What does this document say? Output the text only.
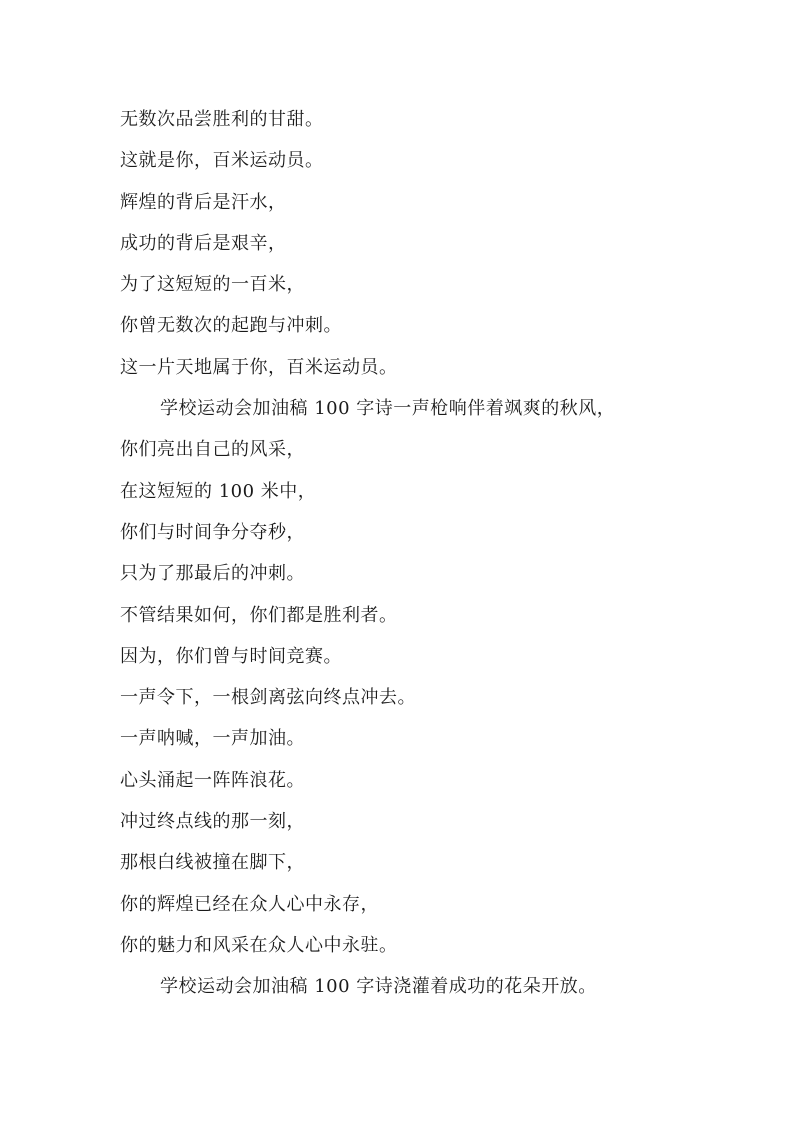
无数次品尝胜利的甘甜。
这就是你，百米运动员。
辉煌的背后是汗水，
成功的背后是艰辛，
为了这短短的一百米，
你曾无数次的起跑与冲刺。
这一片天地属于你，百米运动员。
学校运动会加油稿 100 字诗一声枪响伴着飒爽的秋风，
你们亮出自己的风采，
在这短短的 100 米中，
你们与时间争分夺秒，
只为了那最后的冲刺。
不管结果如何，你们都是胜利者。
因为，你们曾与时间竞赛。
一声令下，一根剑离弦向终点冲去。
一声呐喊，一声加油。
心头涌起一阵阵浪花。
冲过终点线的那一刻，
那根白线被撞在脚下，
你的辉煌已经在众人心中永存，
你的魅力和风采在众人心中永驻。
学校运动会加油稿 100 字诗浇灌着成功的花朵开放。
